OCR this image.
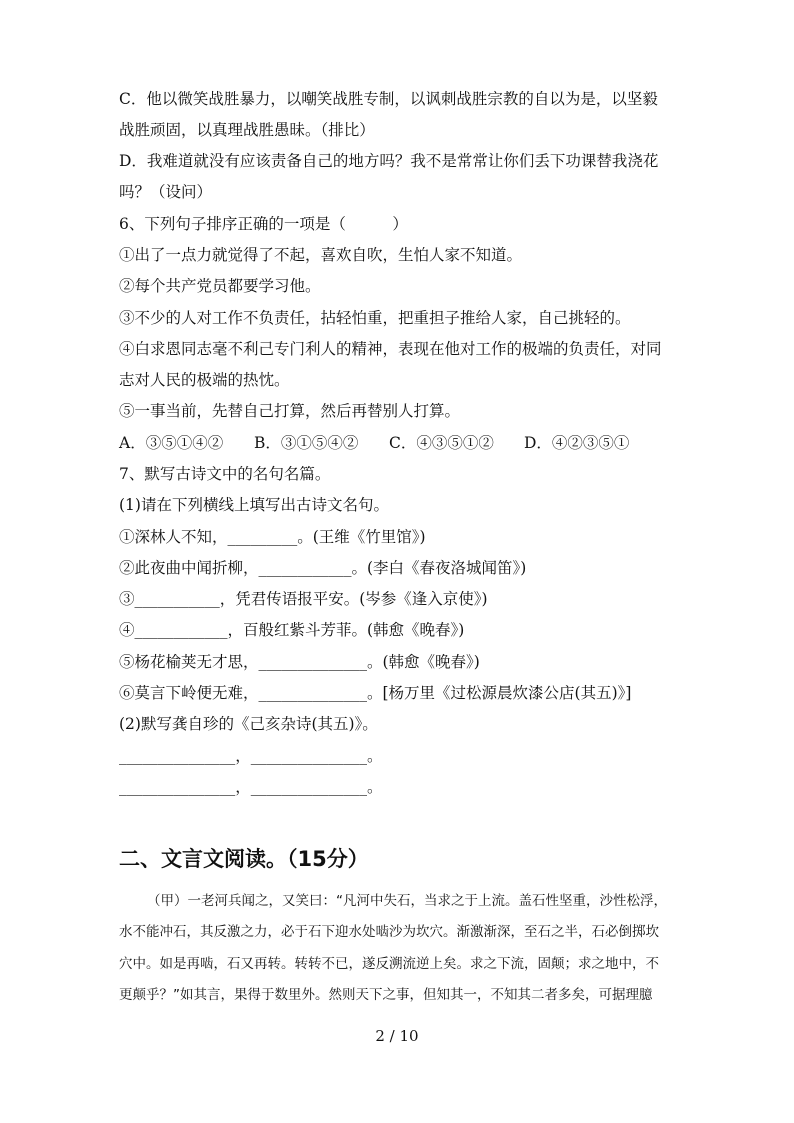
C．他以微笑战胜暴力，以嘲笑战胜专制，以讽刺战胜宗教的自以为是，以坚毅
战胜顽固，以真理战胜愚昧。（排比）
D．我难道就没有应该责备自己的地方吗？我不是常常让你们丢下功课替我浇花
吗？（设问）
6、下列句子排序正确的一项是（　　　）
①出了一点力就觉得了不起，喜欢自吹，生怕人家不知道。
②每个共产党员都要学习他。
③不少的人对工作不负责任，拈轻怕重，把重担子推给人家，自己挑轻的。
④白求恩同志毫不利己专门利人的精神，表现在他对工作的极端的负责任，对同
志对人民的极端的热忱。
⑤一事当前，先替自己打算，然后再替别人打算。
A．③⑤①④② B．③①⑤④② C．④③⑤①② D．④②③⑤①
7、默写古诗文中的名句名篇。
(1)请在下列横线上填写出古诗文名句。
①深林人不知，_________。(王维《竹里馆》)
②此夜曲中闻折柳，____________。(李白《春夜洛城闻笛》)
③___________，凭君传语报平安。(岑参《逢入京使》)
④____________，百般红紫斗芳菲。(韩愈《晚春》)
⑤杨花榆荚无才思，______________。(韩愈《晚春》)
⑥莫言下岭便无难，______________。[杨万里《过松源晨炊漆公店(其五)》]
(2)默写龚自珍的《己亥杂诗(其五)》。
_______________，_______________。
_______________，_______________。
二、文言文阅读。（15分）
（甲）一老河兵闻之，又笑曰：“凡河中失石，当求之于上流。盖石性坚重，沙性松浮，
水不能冲石，其反激之力，必于石下迎水处啮沙为坎穴。渐激渐深，至石之半，石必倒掷坎
穴中。如是再啮，石又再转。转转不已，遂反溯流逆上矣。求之下流，固颠；求之地中，不
更颠乎？”如其言，果得于数里外。然则天下之事，但知其一，不知其二者多矣，可据理臆
2 / 10
